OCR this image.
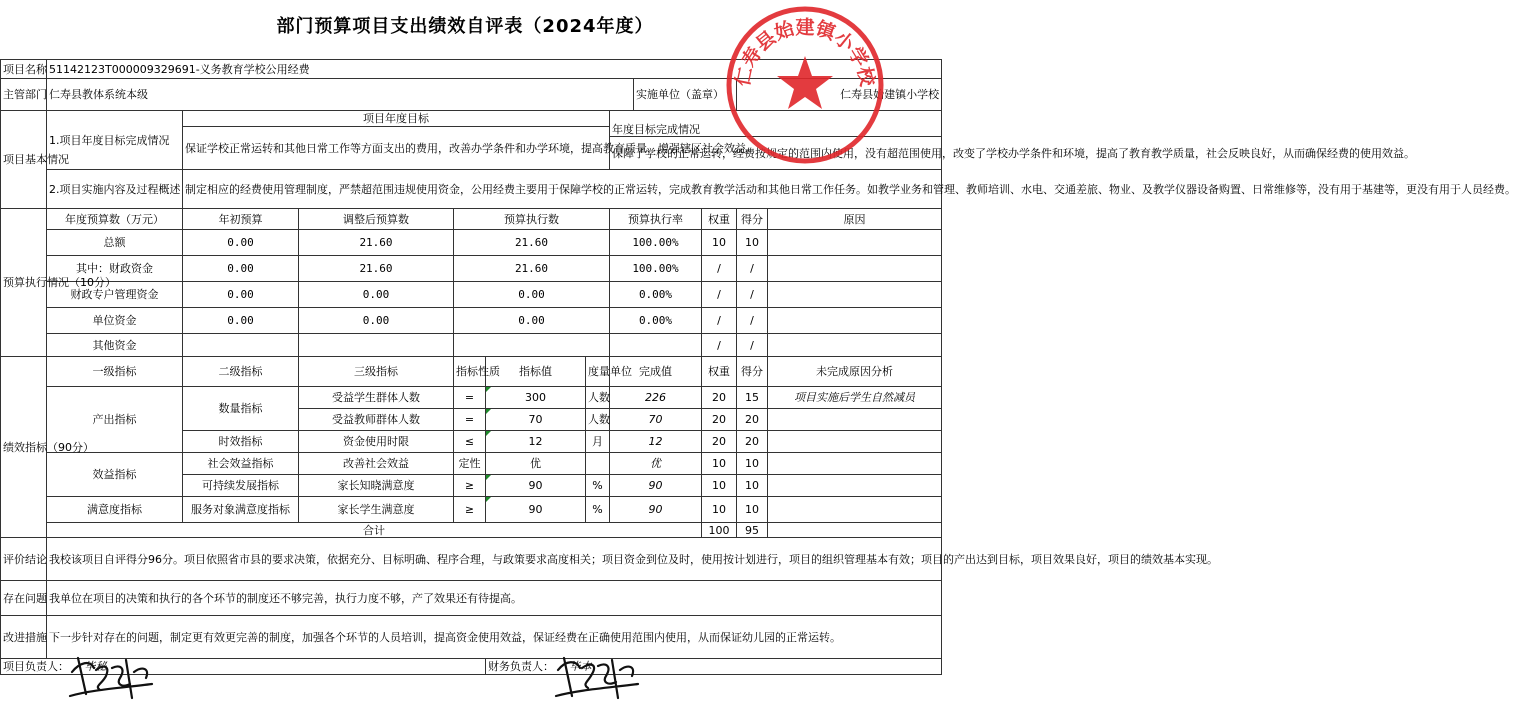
部门预算项目支出绩效自评表（2024年度）
项目名称	51142123T000009329691-义务教育学校公用经费										
主管部门	仁寿县教体系统本级							实施单位（盖章）		仁寿县始建镇小学校	
项目基本情况	1.项目年度目标完成情况	项目年度目标					年度目标完成情况				
		保证学校正常运转和其他日常工作等方面支出的费用，改善办学条件和办学环境，提高教育质量，增强辖区社会效益。									
							保障了学校的正常运转，经费按规定的范围内使用，没有超范围使用，改变了学校办学条件和环境，提高了教育教学质量，社会反映良好，从而确保经费的使用效益。				
	2.项目实施内容及过程概述	制定相应的经费使用管理制度，严禁超范围违规使用资金，公用经费主要用于保障学校的正常运转，完成教育教学活动和其他日常工作任务。如教学业务和管理、教师培训、水电、交通差旅、物业、及教学仪器设备购置、日常维修等，没有用于基建等，更没有用于人员经费。									
预算执行情况（10分）	年度预算数（万元）	年初预算	调整后预算数	预算执行数			预算执行率		权重	得分	原因
	总额	0.00	21.60	21.60			100.00%		10	10	
	其中：财政资金	0.00	21.60	21.60			100.00%		/	/	
	财政专户管理资金	0.00	0.00	0.00			0.00%		/	/	
	单位资金	0.00	0.00	0.00			0.00%		/	/	
	其他资金								/	/	
绩效指标（90分）	一级指标	二级指标	三级指标	指标性质	指标值	度量单位	完成值		权重	得分	未完成原因分析
	产出指标	数量指标	受益学生群体人数	=	300	人数	226		20	15	项目实施后学生自然减员
			受益教师群体人数	=	70	人数	70		20	20	
		时效指标	资金使用时限	≤	12	月	12		20	20	
	效益指标	社会效益指标	改善社会效益	定性	优		优		10	10	
		可持续发展指标	家长知晓满意度	≥	90	%	90		10	10	
	满意度指标	服务对象满意度指标	家长学生满意度	≥	90	%	90		10	10	
	合计								100	95	
评价结论	我校该项目自评得分96分。项目依照省市县的要求决策，依据充分、目标明确、程序合理，与政策要求高度相关；项目资金到位及时，使用按计划进行，项目的组织管理基本有效；项目的产出达到目标，项目效果良好，项目的绩效基本实现。										
存在问题	我单位在项目的决策和执行的各个环节的制度还不够完善，执行力度不够，产了效果还有待提高。										
改进措施	下一步针对存在的问题，制定更有效更完善的制度，加强各个环节的人员培训，提高资金使用效益，保证经费在正确使用范围内使用，从而保证幼儿园的正常运转。										
项目负责人： 毕秘					财务负责人： 毕本						
仁寿县始建镇小学校
